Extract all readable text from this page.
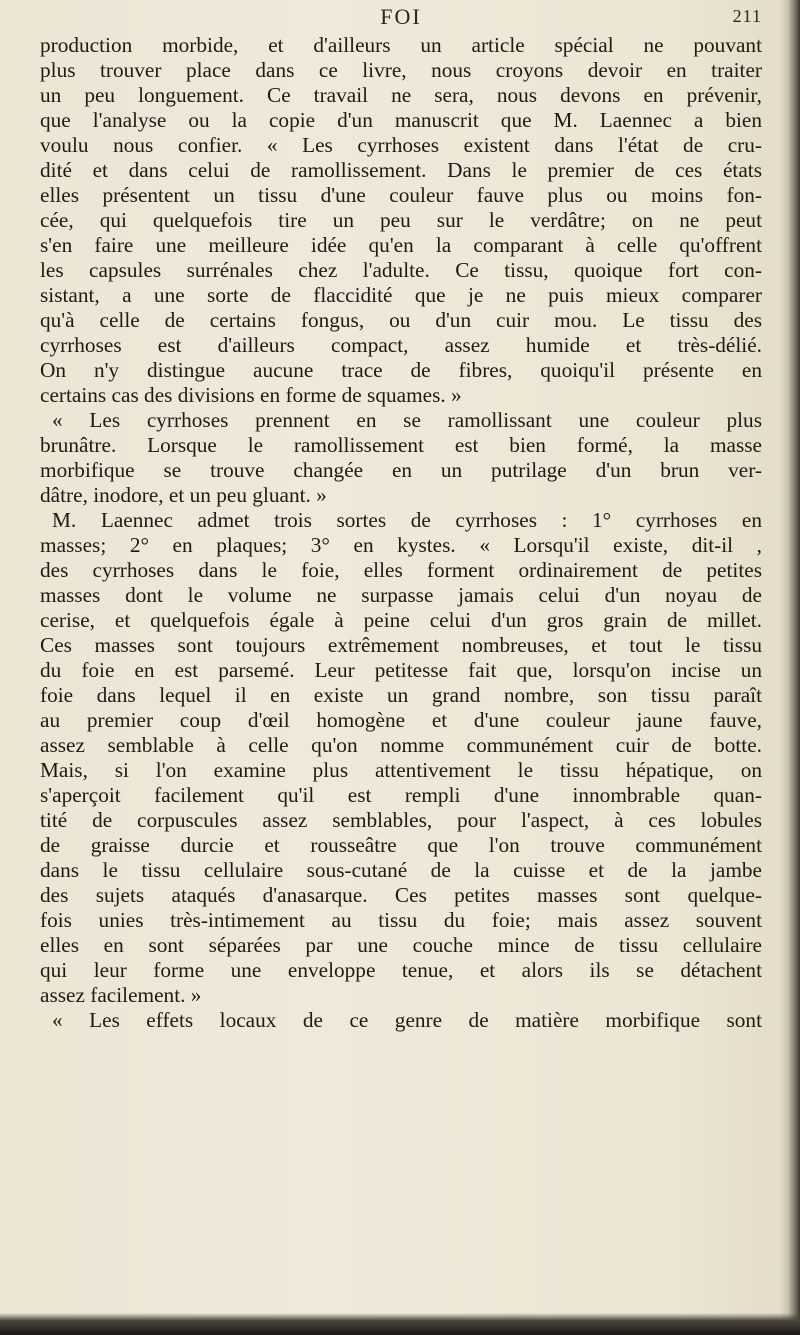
FOI	211
production morbide, et d'ailleurs un article spécial ne pouvant
plus trouver place dans ce livre, nous croyons devoir en traiter
un peu longuement. Ce travail ne sera, nous devons en prévenir,
que l'analyse ou la copie d'un manuscrit que M. Laennec a bien
voulu nous confier. « Les cyrrhoses existent dans l'état de cru-
dité et dans celui de ramollissement. Dans le premier de ces états
elles présentent un tissu d'une couleur fauve plus ou moins fon-
cée, qui quelquefois tire un peu sur le verdâtre; on ne peut
s'en faire une meilleure idée qu'en la comparant à celle qu'offrent
les capsules surrénales chez l'adulte. Ce tissu, quoique fort con-
sistant, a une sorte de flaccidité que je ne puis mieux comparer
qu'à celle de certains fongus, ou d'un cuir mou. Le tissu des
cyrrhoses est d'ailleurs compact, assez humide et très-délié.
On n'y distingue aucune trace de fibres, quoiqu'il présente en
certains cas des divisions en forme de squames. »
« Les cyrrhoses prennent en se ramollissant une couleur plus
brunâtre. Lorsque le ramollissement est bien formé, la masse
morbifique se trouve changée en un putrilage d'un brun ver-
dâtre, inodore, et un peu gluant. »
M. Laennec admet trois sortes de cyrrhoses : 1° cyrrhoses en
masses; 2° en plaques; 3° en kystes. « Lorsqu'il existe, dit-il ,
des cyrrhoses dans le foie, elles forment ordinairement de petites
masses dont le volume ne surpasse jamais celui d'un noyau de
cerise, et quelquefois égale à peine celui d'un gros grain de millet.
Ces masses sont toujours extrêmement nombreuses, et tout le tissu
du foie en est parsemé. Leur petitesse fait que, lorsqu'on incise un
foie dans lequel il en existe un grand nombre, son tissu paraît
au premier coup d'œil homogène et d'une couleur jaune fauve,
assez semblable à celle qu'on nomme communément cuir de botte.
Mais, si l'on examine plus attentivement le tissu hépatique, on
s'aperçoit facilement qu'il est rempli d'une innombrable quan-
tité de corpuscules assez semblables, pour l'aspect, à ces lobules
de graisse durcie et rousseâtre que l'on trouve communément
dans le tissu cellulaire sous-cutané de la cuisse et de la jambe
des sujets ataqués d'anasarque. Ces petites masses sont quelque-
fois unies très-intimement au tissu du foie; mais assez souvent
elles en sont séparées par une couche mince de tissu cellulaire
qui leur forme une enveloppe tenue, et alors ils se détachent
assez facilement. »
« Les effets locaux de ce genre de matière morbifique sont
